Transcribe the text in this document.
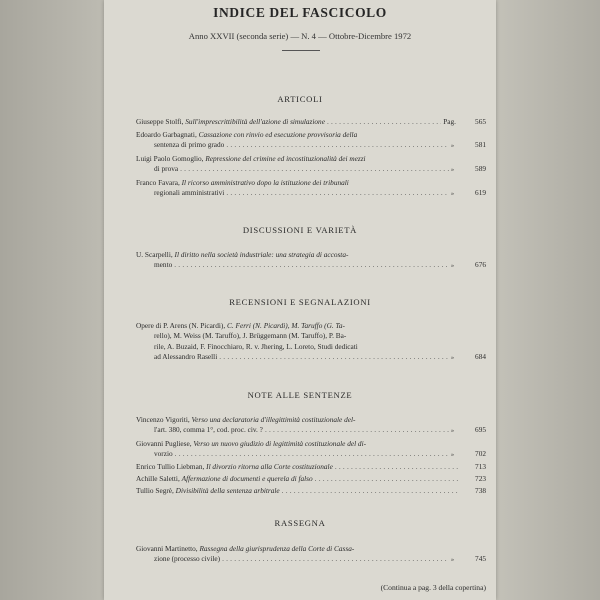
INDICE DEL FASCICOLO
Anno XXVII (seconda serie) — N. 4 — Ottobre-Dicembre 1972
ARTICOLI
Giuseppe Stolfi, Sull'imprescrittibilità dell'azione di simulazione . . .	Pag.	565
Edoardo Garbagnati, Cassazione con rinvio ed esecuzione provvisoria della
sentenza di primo grado . . .	»	581
Luigi Paolo Gomoglio, Repressione del crimine ed incostituzionalità dei mezzi
di prova . . .	»	589
Franco Favara, Il ricorso amministrativo dopo la istituzione dei tribunali
regionali amministrativi . . .	»	619
DISCUSSIONI E VARIETÀ
U. Scarpelli, Il diritto nella società industriale: una strategia di accosta-
mento . . .	»	676
RECENSIONI E SEGNALAZIONI
Opere di P. Arens (N. Picardi), C. Ferri (N. Picardi), M. Taruffo (G. Ta-
rello), M. Weiss (M. Taruffo), J. Brüggemann (M. Taruffo), P. Ba-
rile, A. Buzaid, F. Finocchiaro, R. v. Jhering, L. Loreto, Studi dedicati
ad Alessandro Raselli . . .	»	684
NOTE ALLE SENTENZE
Vincenzo Vigoriti, Verso una declaratoria d'illegittimità costituzionale del-
l'art. 380, comma 1°, cod. proc. civ. ? . . .	»	695
Giovanni Pugliese, Verso un nuovo giudizio di legittimità costituzionale del di-
vorzio . . .	»	702
Enrico Tullio Liebman, Il divorzio ritorna alla Corte costituzionale . . .	713
Achille Saletti, Affermazione di documenti e querela di falso . . .	723
Tullio Segrè, Divisibilità della sentenza arbitrale . . .	738
RASSEGNA
Giovanni Martinetto, Rassegna della giurisprudenza della Corte di Cassa-
zione (processo civile) . . .	»	745
(Continua a pag. 3 della copertina)
